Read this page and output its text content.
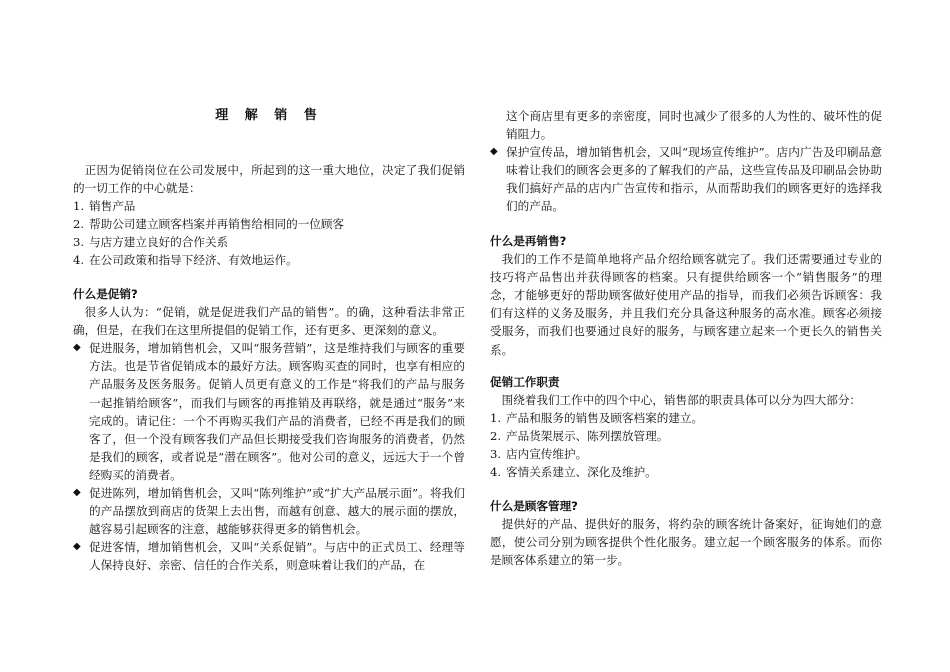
理 解 销 售

正因为促销岗位在公司发展中，所起到的这一重大地位，决定了我们促销的一切工作的中心就是：

1. 销售产品
2. 帮助公司建立顾客档案并再销售给相同的一位顾客
3. 与店方建立良好的合作关系
4. 在公司政策和指导下经济、有效地运作。

什么是促销?

很多人认为：“促销，就是促进我们产品的销售”。的确，这种看法非常正确，但是，在我们在这里所提倡的促销工作，还有更多、更深刻的意义。

◆ 促进服务，增加销售机会，又叫“服务营销”，这是维持我们与顾客的重要方法。也是节省促销成本的最好方法。顾客购买查的同时，也享有相应的产品服务及医务服务。促销人员更有意义的工作是“将我们的产品与服务一起推销给顾客”，而我们与顾客的再推销及再联络，就是通过“服务”来完成的。请记住：一个不再购买我们产品的消费者，已经不再是我们的顾客了，但一个没有顾客我们产品但长期接受我们咨询服务的消费者，仍然是我们的顾客，或者说是“潜在顾客”。他对公司的意义，远远大于一个曾经购买的消费者。
◆ 促进陈列，增加销售机会，又叫“陈列维护”或“扩大产品展示面”。将我们的产品摆放到商店的货架上去出售，而越有创意、越大的展示面的摆放，越容易引起顾客的注意，越能够获得更多的销售机会。
◆ 促进客情，增加销售机会，又叫“关系促销”。与店中的正式员工、经理等人保持良好、亲密、信任的合作关系，则意味着让我们的产品，在

这个商店里有更多的亲密度，同时也减少了很多的人为性的、破坏性的促销阻力。

◆ 保护宣传品，增加销售机会，又叫“现场宣传维护”。店内广告及印刷品意味着让我们的顾客会更多的了解我们的产品，这些宣传品及印刷品会协助我们搞好产品的店内广告宣传和指示，从而帮助我们的顾客更好的选择我们的产品。

什么是再销售?

我们的工作不是简单地将产品介绍给顾客就完了。我们还需要通过专业的技巧将产品售出并获得顾客的档案。只有提供给顾客一个“销售服务”的理念，才能够更好的帮助顾客做好使用产品的指导，而我们必须告诉顾客：我们有这样的义务及服务，并且我们充分具备这种服务的高水准。顾客必须接受服务，而我们也要通过良好的服务，与顾客建立起来一个更长久的销售关系。

促销工作职责

围绕着我们工作中的四个中心，销售部的职责具体可以分为四大部分：

1. 产品和服务的销售及顾客档案的建立。
2. 产品货架展示、陈列摆放管理。
3. 店内宣传维护。
4. 客情关系建立、深化及维护。

什么是顾客管理?

提供好的产品、提供好的服务，将约杂的顾客统计备案好，征询她们的意愿，使公司分别为顾客提供个性化服务。建立起一个顾客服务的体系。而你是顾客体系建立的第一步。
